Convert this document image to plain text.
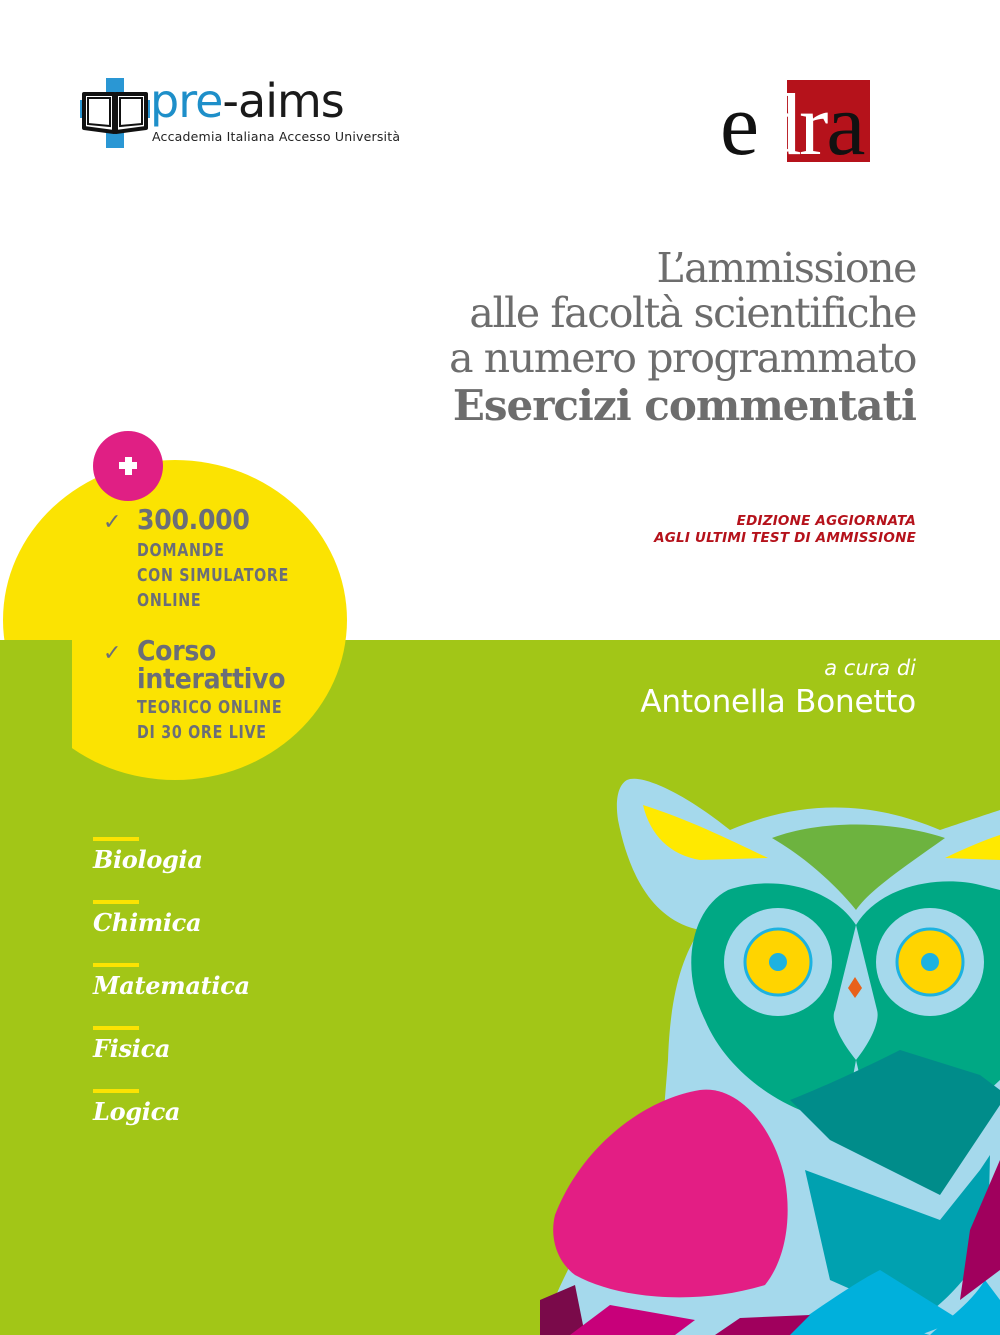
pre-aims
Accademia Italiana Accesso Università	edra
L’ammissione
alle facoltà scientifiche
a numero programmato
Esercizi commentati
EDIZIONE AGGIORNATA
AGLI ULTIMI TEST DI AMMISSIONE
✓ 300.000
DOMANDE
CON SIMULATORE
ONLINE
✓ Corso
interattivo
TEORICO ONLINE
DI 30 ORE LIVE
a cura di
Antonella Bonetto
Biologia
Chimica
Matematica
Fisica
Logica
